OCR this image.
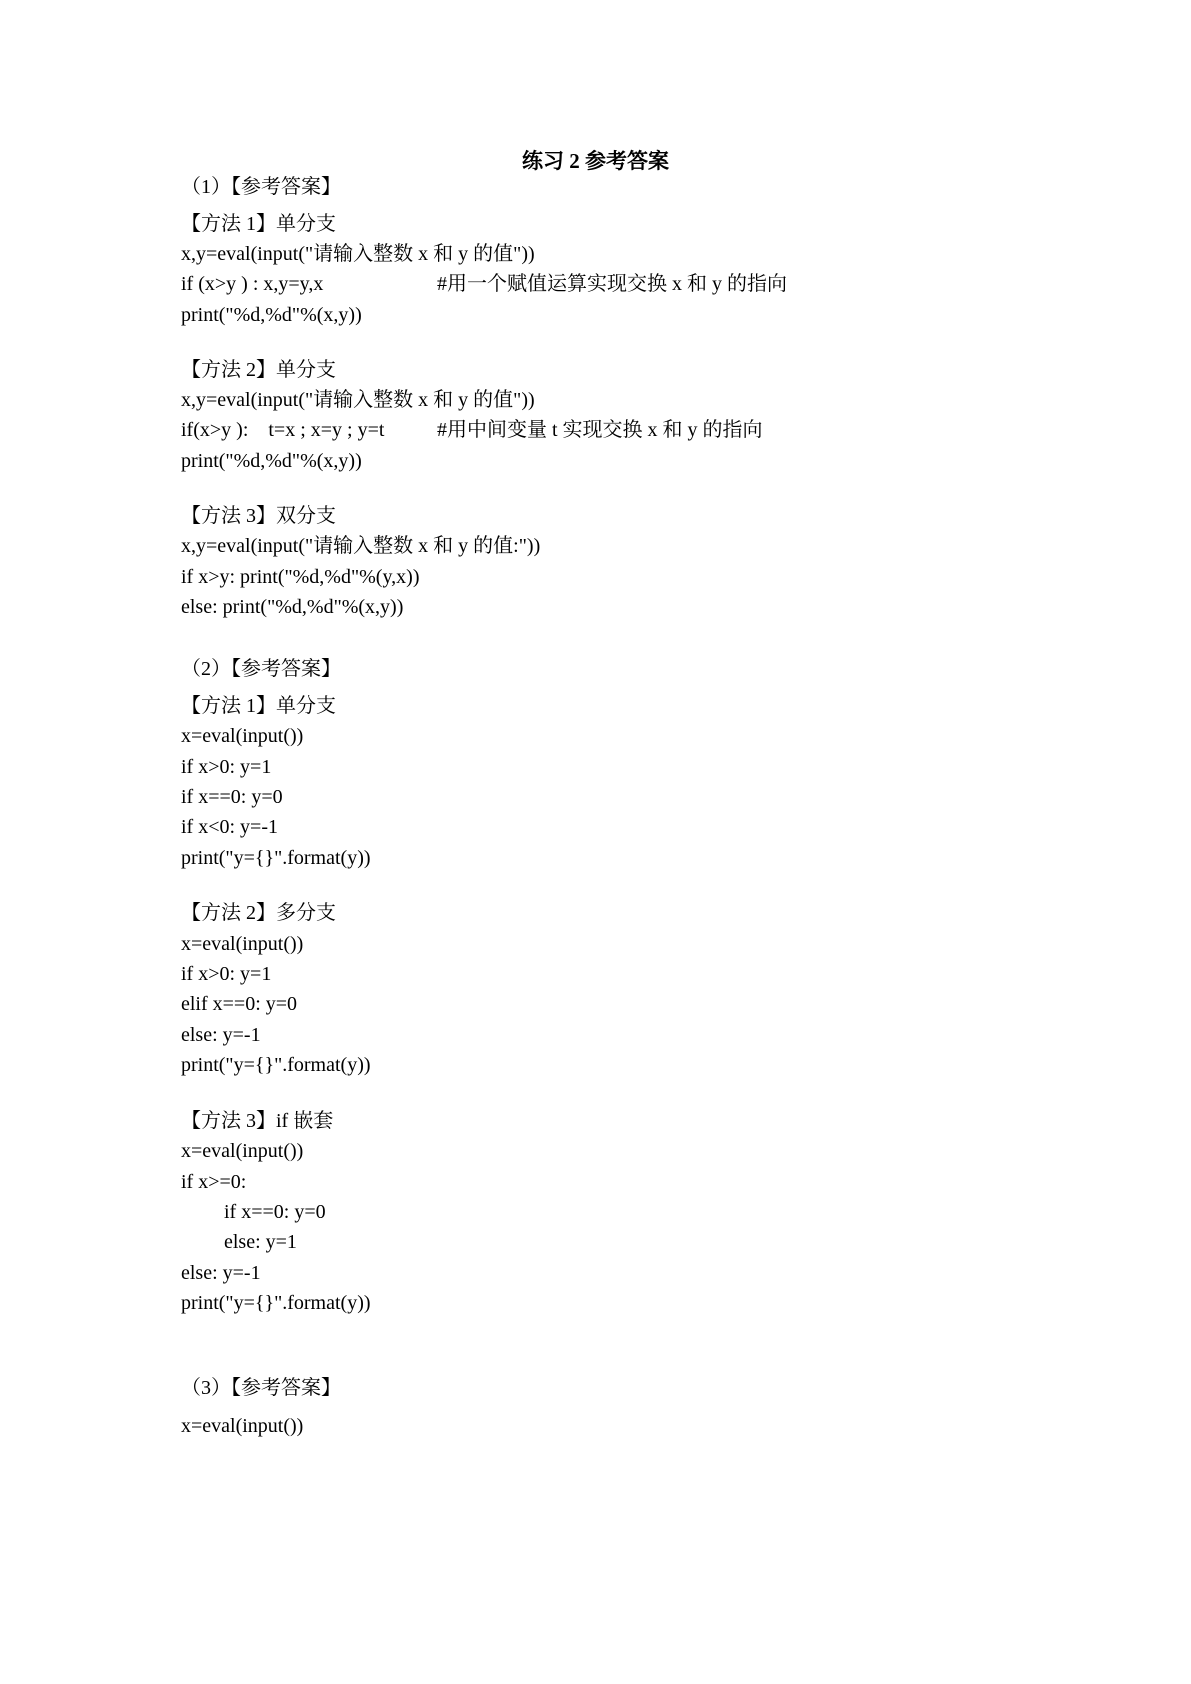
练习 2 参考答案
（1）【参考答案】
【方法 1】单分支
x,y=eval(input("请输入整数 x 和 y 的值"))
if (x>y ) : x,y=y,x	#用一个赋值运算实现交换 x 和 y 的指向
print("%d,%d"%(x,y))
【方法 2】单分支
x,y=eval(input("请输入整数 x 和 y 的值"))
if(x>y ):    t=x ; x=y ; y=t	#用中间变量 t 实现交换 x 和 y 的指向
print("%d,%d"%(x,y))
【方法 3】双分支
x,y=eval(input("请输入整数 x 和 y 的值:"))
if x>y: print("%d,%d"%(y,x))
else: print("%d,%d"%(x,y))
（2）【参考答案】
【方法 1】单分支
x=eval(input())
if x>0: y=1
if x==0: y=0
if x<0: y=-1
print("y={}".format(y))
【方法 2】多分支
x=eval(input())
if x>0: y=1
elif x==0: y=0
else: y=-1
print("y={}".format(y))
【方法 3】if 嵌套
x=eval(input())
if x>=0:
if x==0: y=0
else: y=1
else: y=-1
print("y={}".format(y))
（3）【参考答案】
x=eval(input())
